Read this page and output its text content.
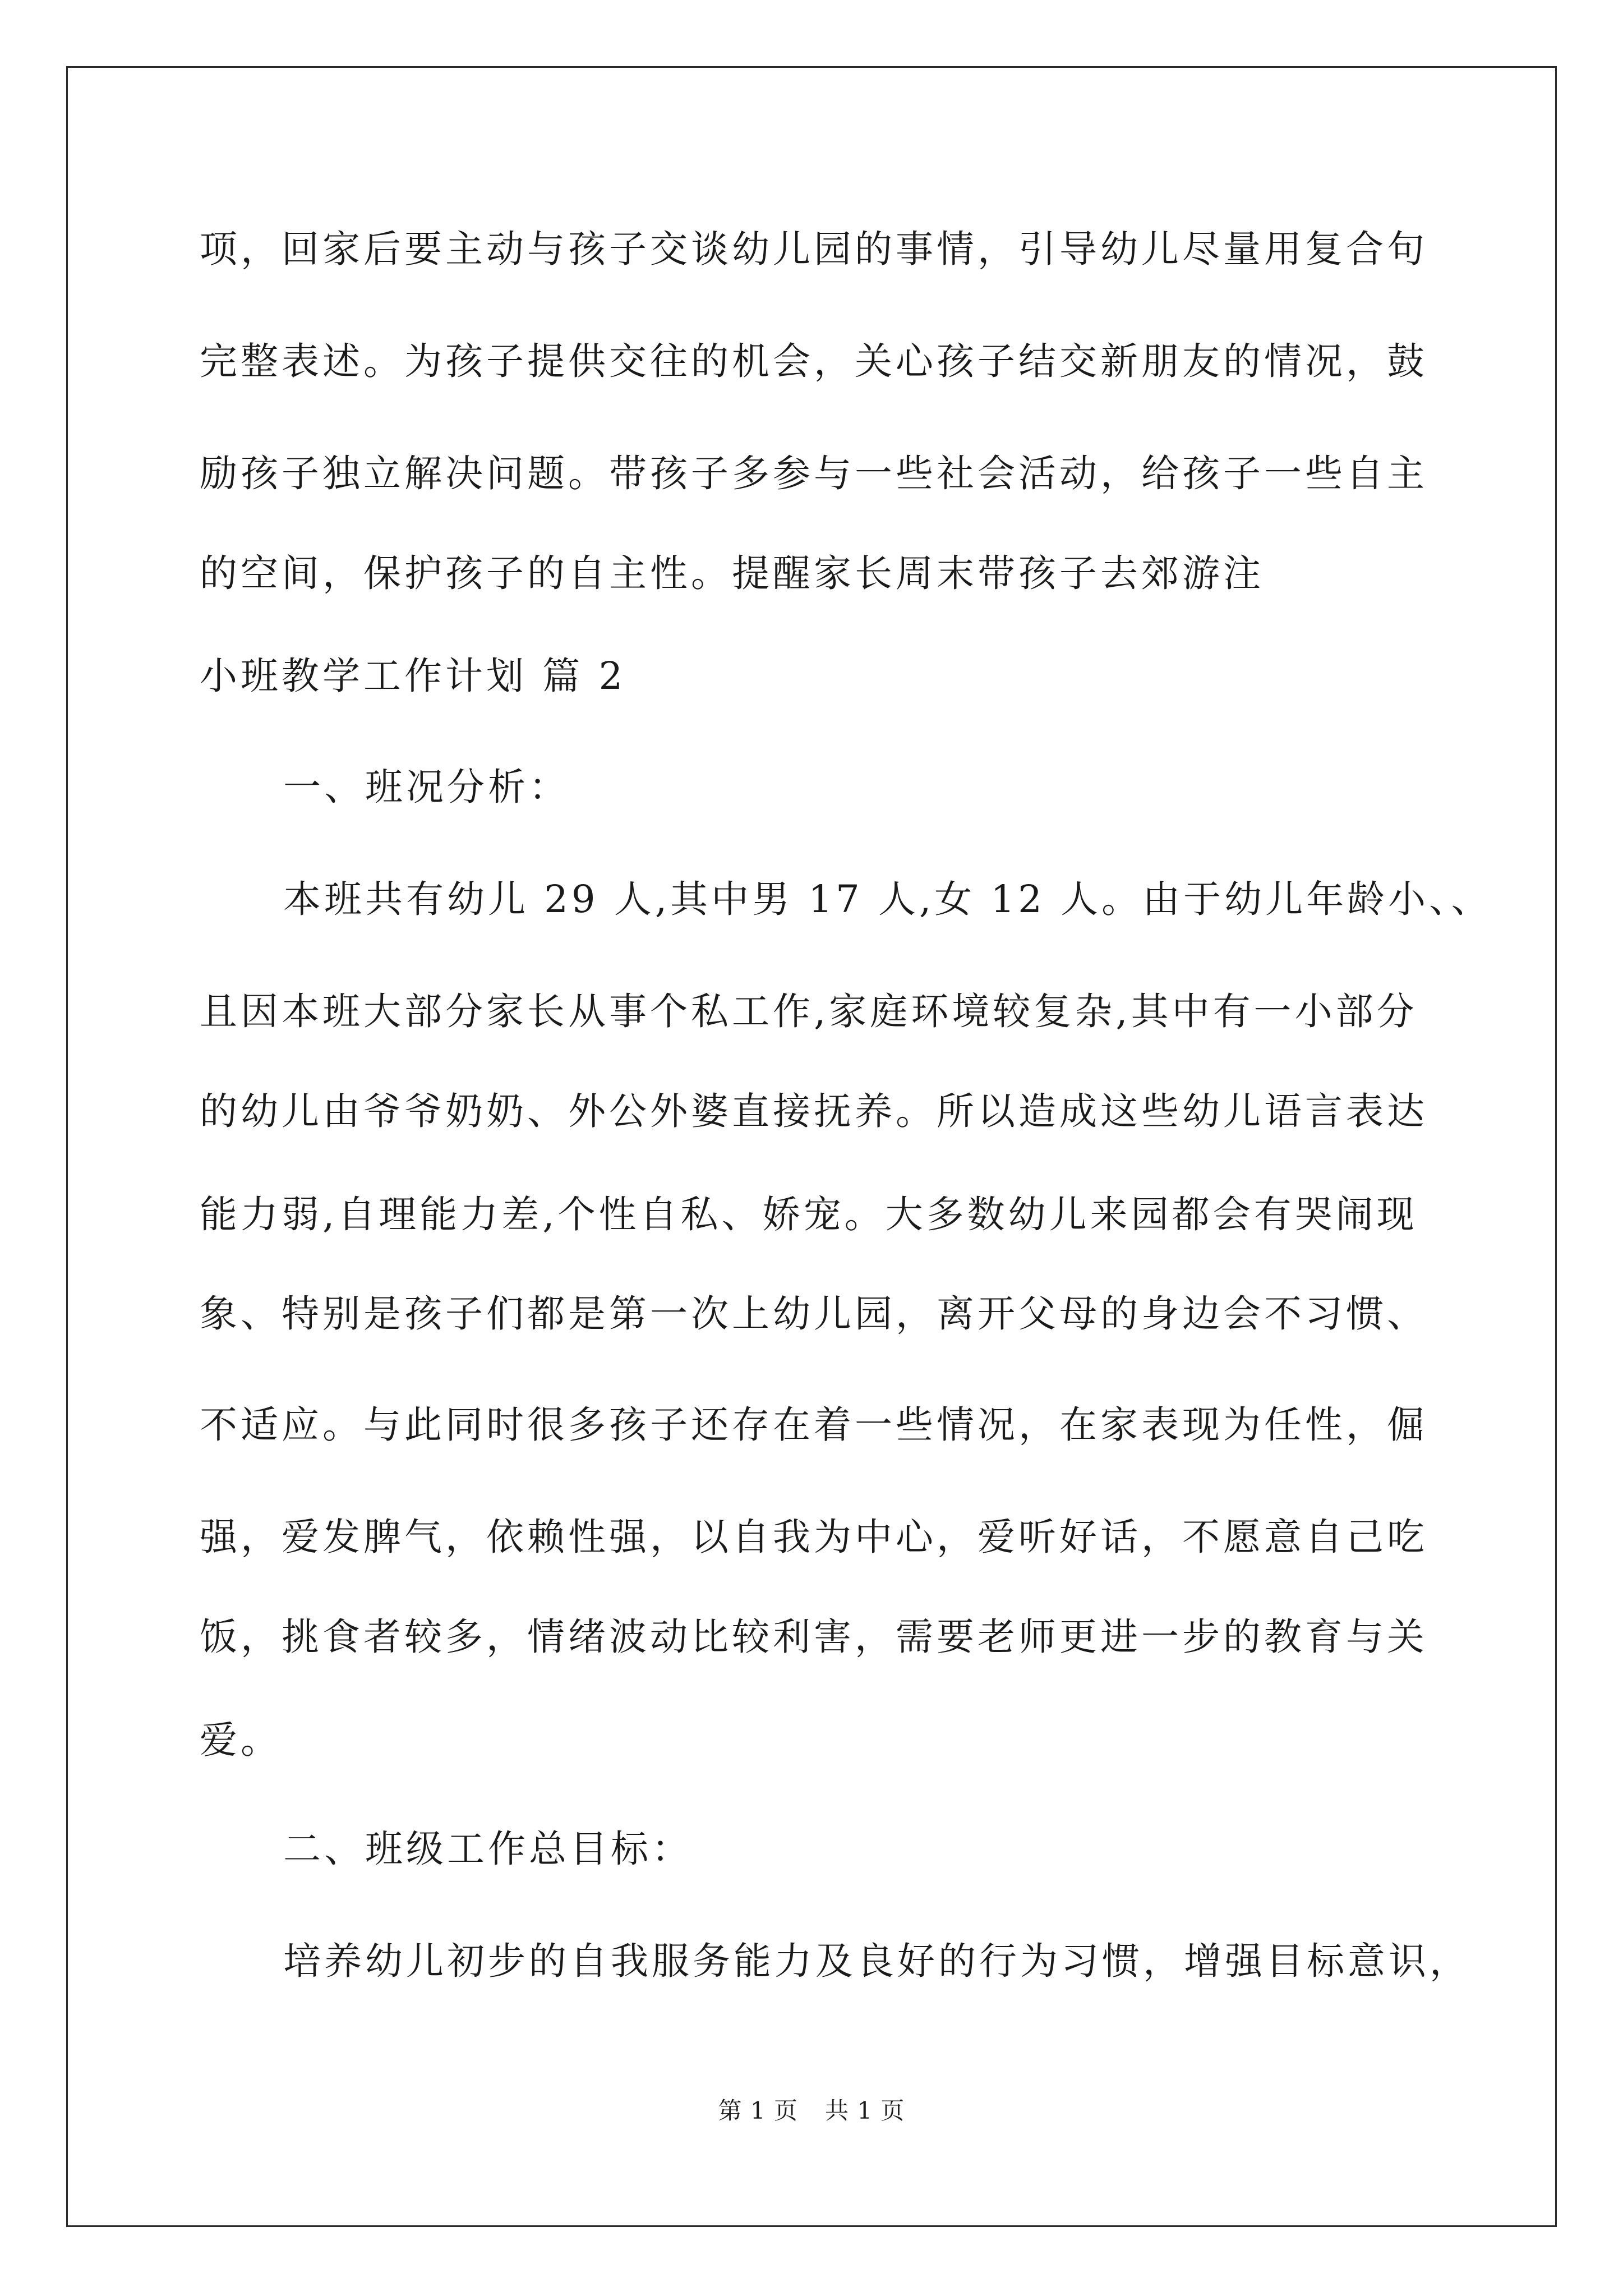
项，回家后要主动与孩子交谈幼儿园的事情，引导幼儿尽量用复合句
完整表述。为孩子提供交往的机会，关心孩子结交新朋友的情况，鼓
励孩子独立解决问题。带孩子多参与一些社会活动，给孩子一些自主
的空间，保护孩子的自主性。提醒家长周末带孩子去郊游注
小班教学工作计划 篇 2
一、班况分析：
本班共有幼儿 29 人,其中男 17 人,女 12 人。由于幼儿年龄小、、
且因本班大部分家长从事个私工作,家庭环境较复杂,其中有一小部分
的幼儿由爷爷奶奶、外公外婆直接抚养。所以造成这些幼儿语言表达
能力弱,自理能力差,个性自私、娇宠。大多数幼儿来园都会有哭闹现
象、特别是孩子们都是第一次上幼儿园，离开父母的身边会不习惯、
不适应。与此同时很多孩子还存在着一些情况，在家表现为任性，倔
强，爱发脾气，依赖性强，以自我为中心，爱听好话，不愿意自己吃
饭，挑食者较多，情绪波动比较利害，需要老师更进一步的教育与关
爱。
二、班级工作总目标：
培养幼儿初步的自我服务能力及良好的行为习惯，增强目标意识，
第 1 页 共 1 页
